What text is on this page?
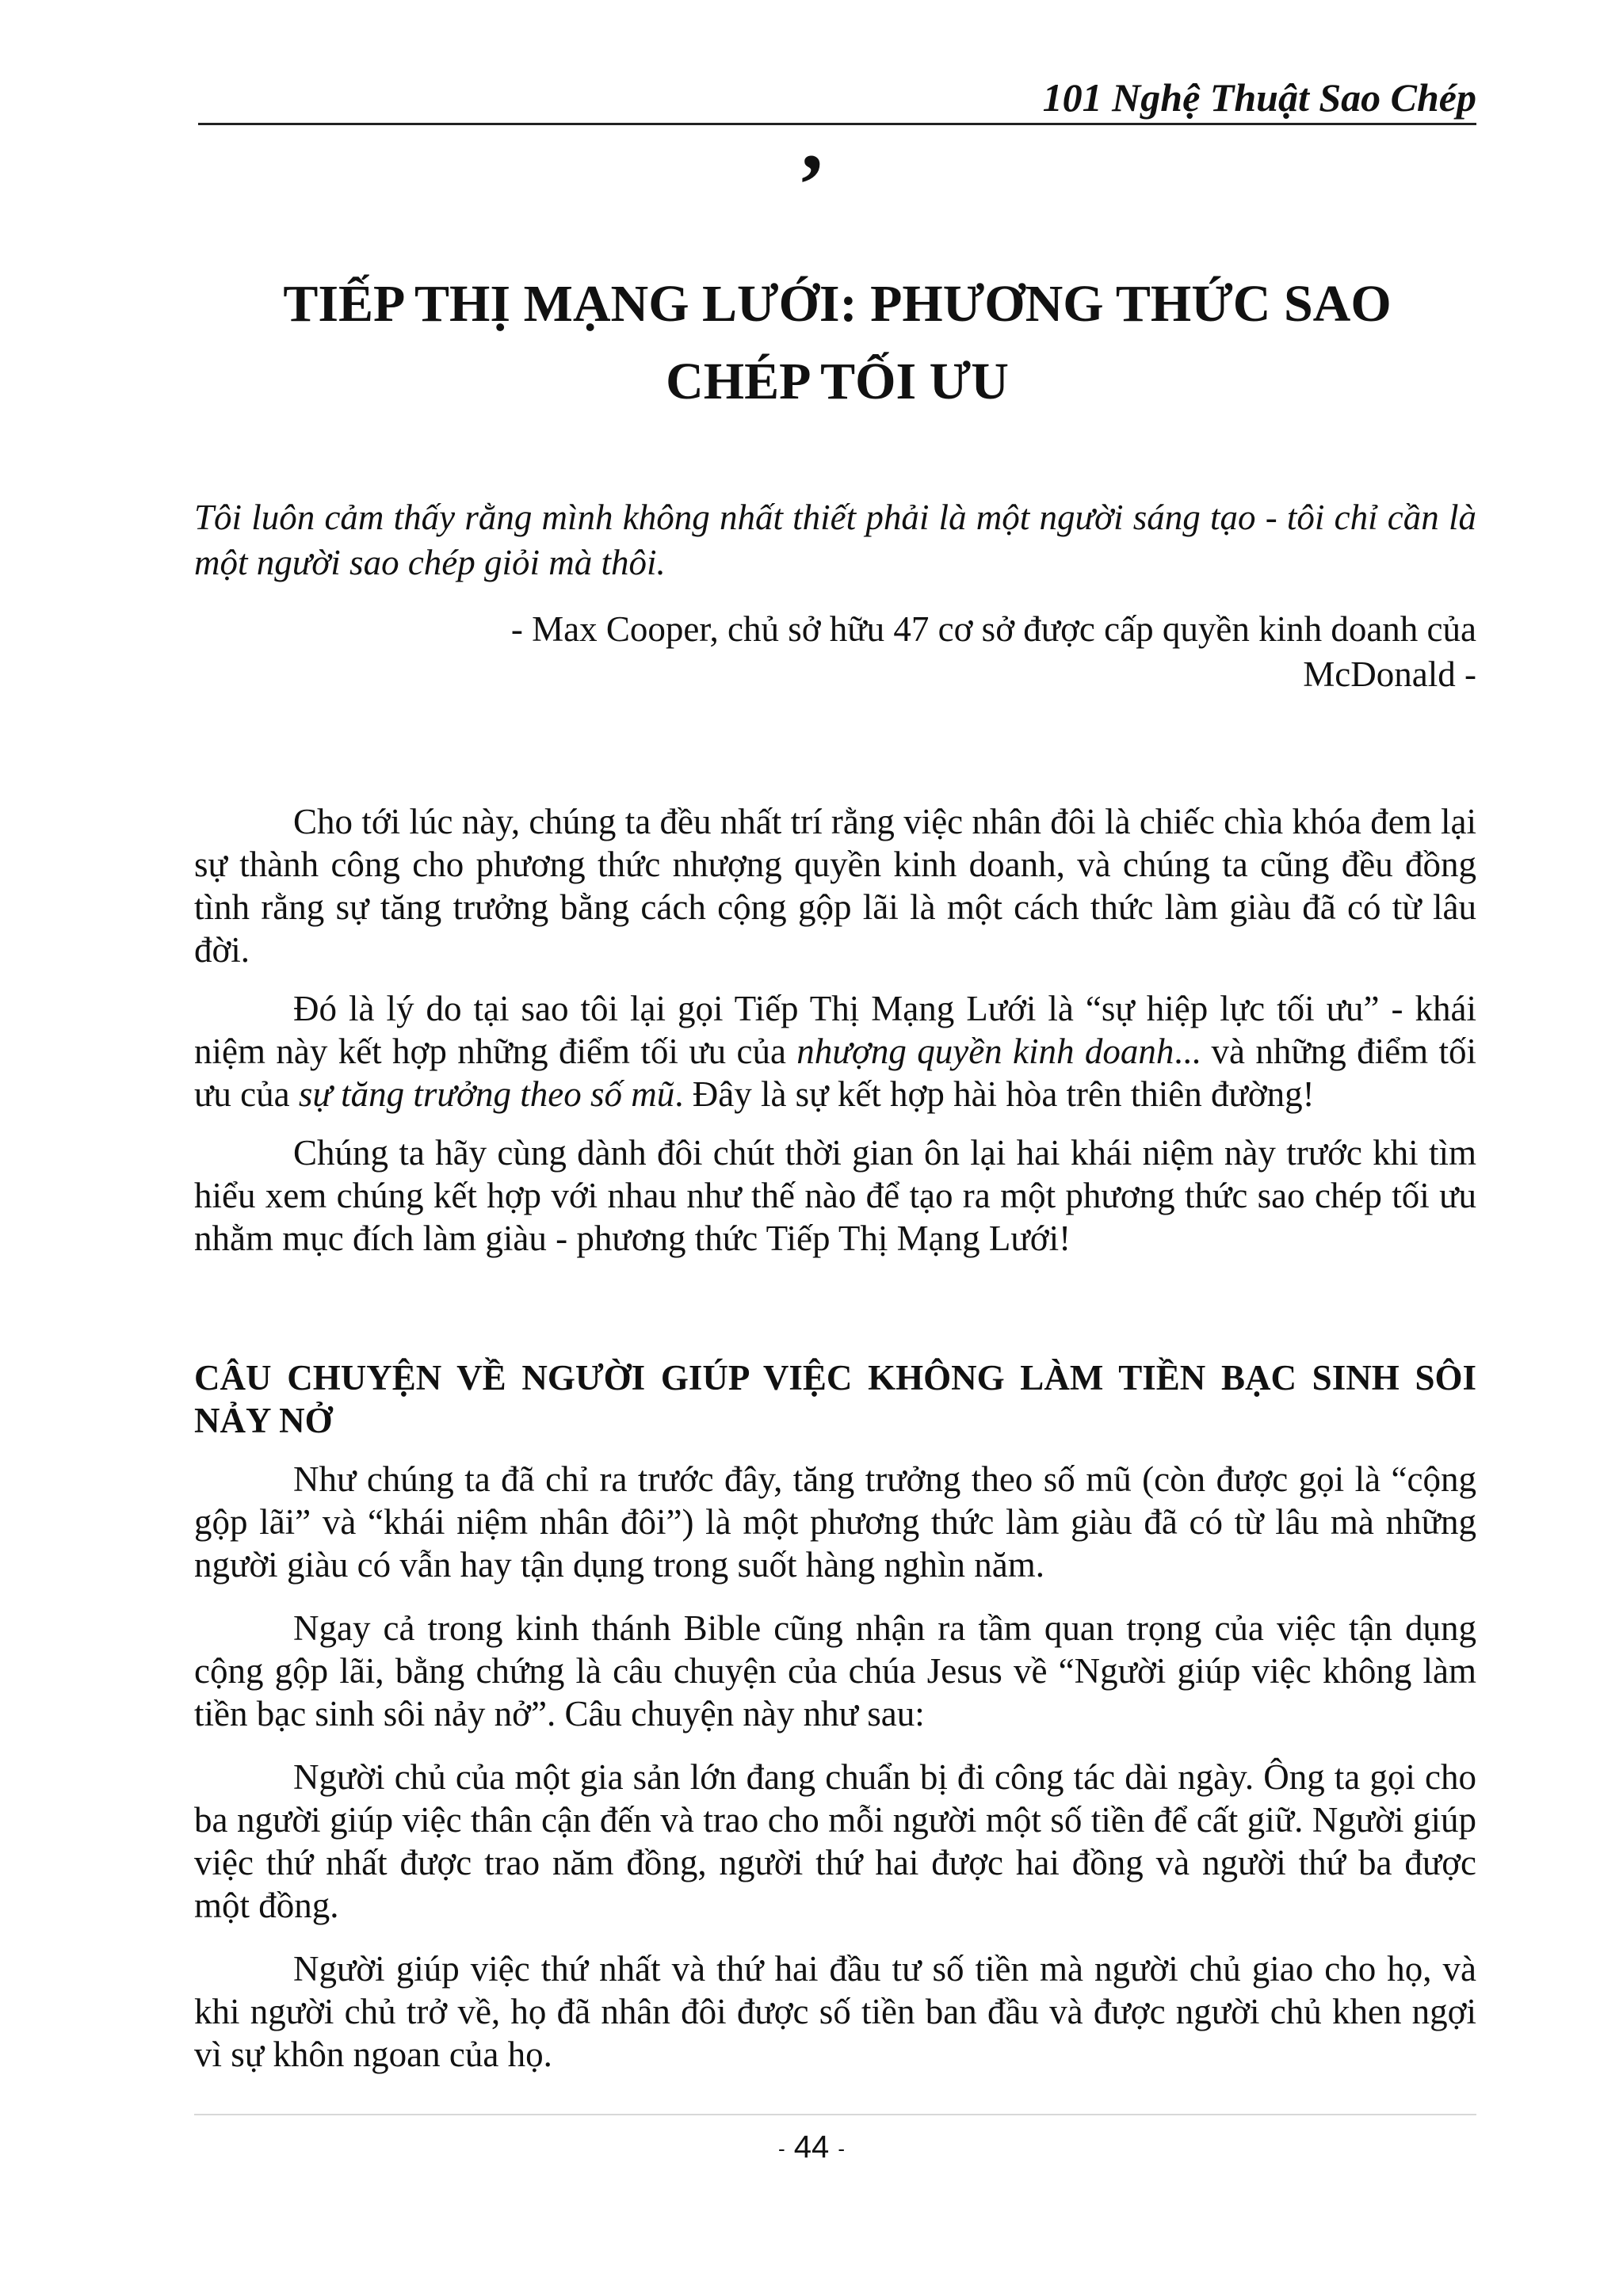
101 Nghệ Thuật Sao Chép
’
TIẾP THỊ MẠNG LƯỚI: PHƯƠNG THỨC SAO
CHÉP TỐI ƯU
Tôi luôn cảm thấy rằng mình không nhất thiết phải là một người sáng tạo - tôi chỉ cần là một người sao chép giỏi mà thôi.
- Max Cooper, chủ sở hữu 47 cơ sở được cấp quyền kinh doanh của
McDonald -

Cho tới lúc này, chúng ta đều nhất trí rằng việc nhân đôi là chiếc chìa khóa đem lại sự thành công cho phương thức nhượng quyền kinh doanh, và chúng ta cũng đều đồng tình rằng sự tăng trưởng bằng cách cộng gộp lãi là một cách thức làm giàu đã có từ lâu đời.

Đó là lý do tại sao tôi lại gọi Tiếp Thị Mạng Lưới là “sự hiệp lực tối ưu” - khái niệm này kết hợp những điểm tối ưu của nhượng quyền kinh doanh... và những điểm tối ưu của sự tăng trưởng theo số mũ. Đây là sự kết hợp hài hòa trên thiên đường!

Chúng ta hãy cùng dành đôi chút thời gian ôn lại hai khái niệm này trước khi tìm hiểu xem chúng kết hợp với nhau như thế nào để tạo ra một phương thức sao chép tối ưu nhằm mục đích làm giàu - phương thức Tiếp Thị Mạng Lưới!

CÂU CHUYỆN VỀ NGƯỜI GIÚP VIỆC KHÔNG LÀM TIỀN BẠC SINH SÔI NẢY NỞ

Như chúng ta đã chỉ ra trước đây, tăng trưởng theo số mũ (còn được gọi là “cộng gộp lãi” và “khái niệm nhân đôi”) là một phương thức làm giàu đã có từ lâu mà những người giàu có vẫn hay tận dụng trong suốt hàng nghìn năm.

Ngay cả trong kinh thánh Bible cũng nhận ra tầm quan trọng của việc tận dụng cộng gộp lãi, bằng chứng là câu chuyện của chúa Jesus về “Người giúp việc không làm tiền bạc sinh sôi nảy nở”. Câu chuyện này như sau:

Người chủ của một gia sản lớn đang chuẩn bị đi công tác dài ngày. Ông ta gọi cho ba người giúp việc thân cận đến và trao cho mỗi người một số tiền để cất giữ. Người giúp việc thứ nhất được trao năm đồng, người thứ hai được hai đồng và người thứ ba được một đồng.

Người giúp việc thứ nhất và thứ hai đầu tư số tiền mà người chủ giao cho họ, và khi người chủ trở về, họ đã nhân đôi được số tiền ban đầu và được người chủ khen ngợi vì sự khôn ngoan của họ.

- 44 -
